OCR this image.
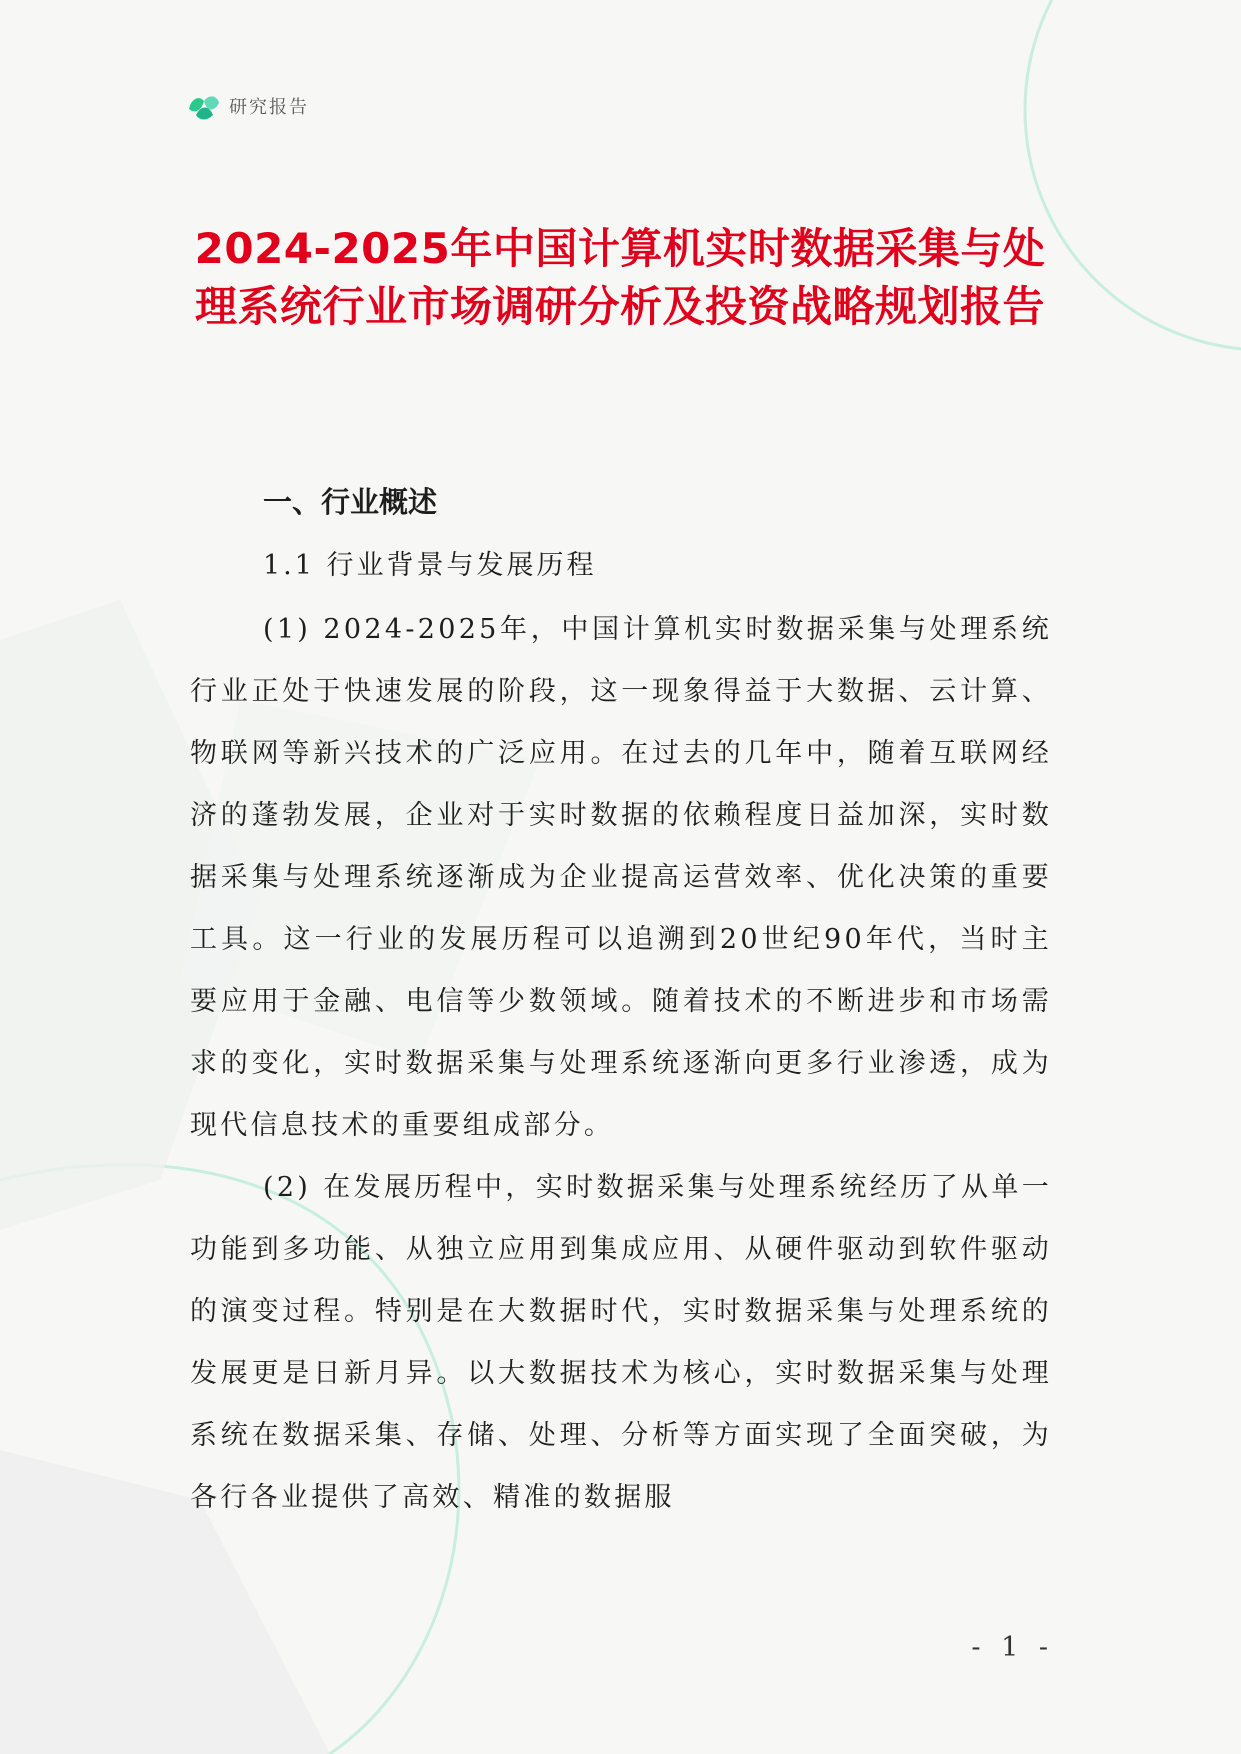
研究报告
2024-2025年中国计算机实时数据采集与处理系统行业市场调研分析及投资战略规划报告
一、行业概述
1.1 行业背景与发展历程

(1) 2024-2025年，中国计算机实时数据采集与处理系统行业正处于快速发展的阶段，这一现象得益于大数据、云计算、物联网等新兴技术的广泛应用。在过去的几年中，随着互联网经济的蓬勃发展，企业对于实时数据的依赖程度日益加深，实时数据采集与处理系统逐渐成为企业提高运营效率、优化决策的重要工具。这一行业的发展历程可以追溯到20世纪90年代，当时主要应用于金融、电信等少数领域。随着技术的不断进步和市场需求的变化，实时数据采集与处理系统逐渐向更多行业渗透，成为现代信息技术的重要组成部分。

(2) 在发展历程中，实时数据采集与处理系统经历了从单一功能到多功能、从独立应用到集成应用、从硬件驱动到软件驱动的演变过程。特别是在大数据时代，实时数据采集与处理系统的发展更是日新月异。以大数据技术为核心，实时数据采集与处理系统在数据采集、存储、处理、分析等方面实现了全面突破，为各行各业提供了高效、精准的数据服

- 1 -
